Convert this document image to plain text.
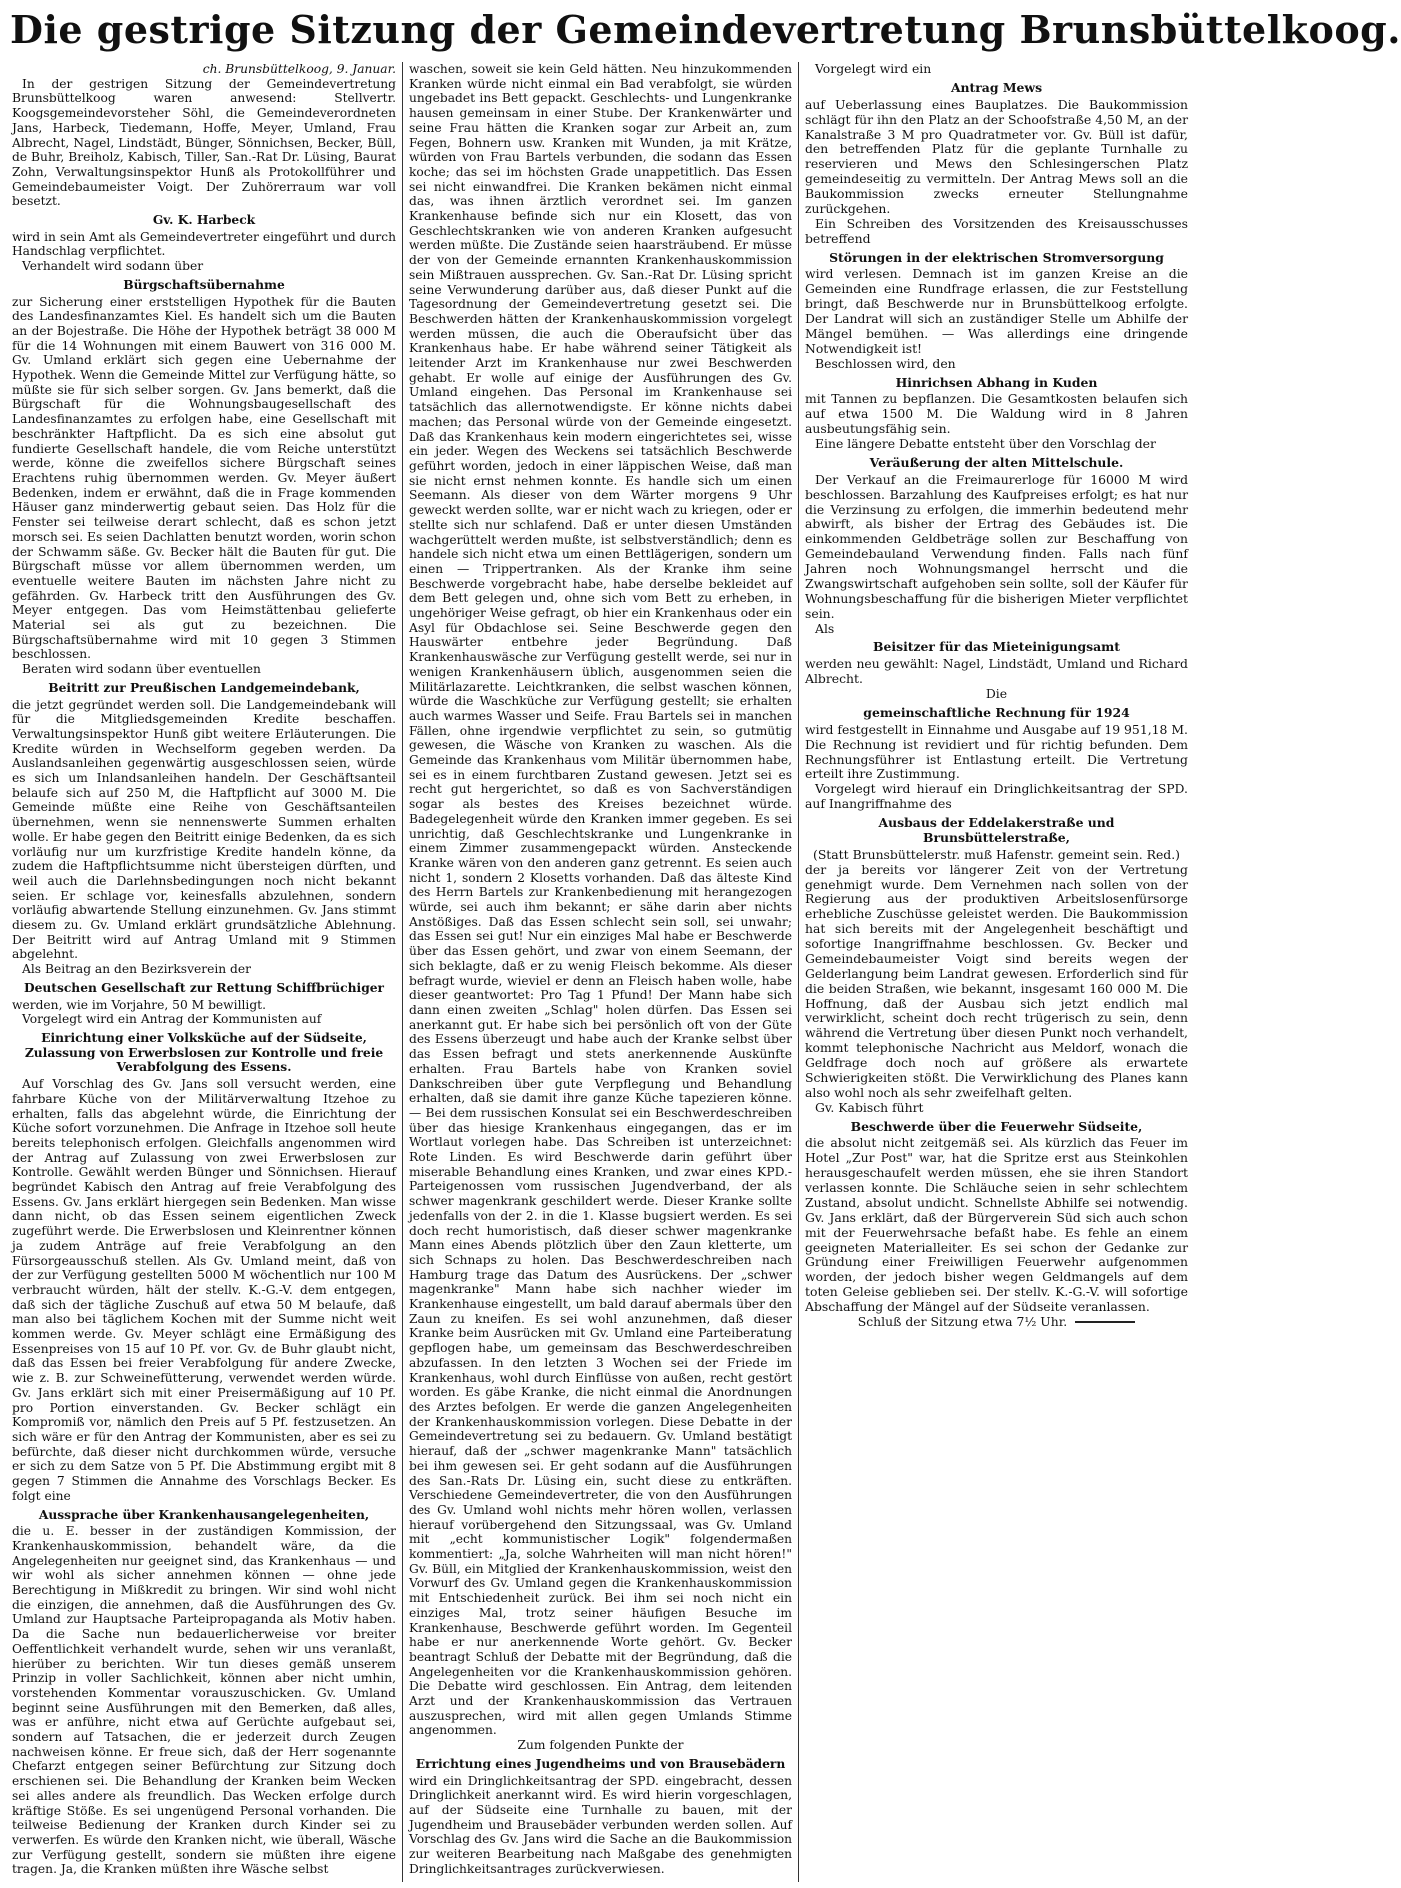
Die gestrige Sitzung der Gemeindevertretung Brunsbüttelkoog.

ch. Brunsbüttelkoog, 9. Januar.

In der gestrigen Sitzung der Gemeindevertretung Brunsbüttelkoog waren anwesend: Stellvertr. Koogsgemeindevorsteher Söhl, die Gemeindeverordneten Jans, Harbeck, Tiedemann, Hoffe, Meyer, Umland, Frau Albrecht, Nagel, Lindstädt, Bünger, Sönnichsen, Becker, Büll, de Buhr, Breiholz, Kabisch, Tiller, San.-Rat Dr. Lüsing, Baurat Zohn, Verwaltungsinspektor Hunß als Protokollführer und Gemeindebaumeister Voigt. Der Zuhörerraum war voll besetzt.

Gv. K. Harbeck

wird in sein Amt als Gemeindevertreter eingeführt und durch Handschlag verpflichtet.

Verhandelt wird sodann über

Bürgschaftsübernahme

zur Sicherung einer erststelligen Hypothek für die Bauten des Landesfinanzamtes Kiel. Es handelt sich um die Bauten an der Bojestraße. Die Höhe der Hypothek beträgt 38 000 M für die 14 Wohnungen mit einem Bauwert von 316 000 M. Gv. Umland erklärt sich gegen eine Uebernahme der Hypothek. Wenn die Gemeinde Mittel zur Verfügung hätte, so müßte sie für sich selber sorgen. Gv. Jans bemerkt, daß die Bürgschaft für die Wohnungsbaugesellschaft des Landesfinanzamtes zu erfolgen habe, eine Gesellschaft mit beschränkter Haftpflicht. Da es sich eine absolut gut fundierte Gesellschaft handele, die vom Reiche unterstützt werde, könne die zweifellos sichere Bürgschaft seines Erachtens ruhig übernommen werden. Gv. Meyer äußert Bedenken, indem er erwähnt, daß die in Frage kommenden Häuser ganz minderwertig gebaut seien. Das Holz für die Fenster sei teilweise derart schlecht, daß es schon jetzt morsch sei. Es seien Dachlatten benutzt worden, worin schon der Schwamm säße. Gv. Becker hält die Bauten für gut. Die Bürgschaft müsse vor allem übernommen werden, um eventuelle weitere Bauten im nächsten Jahre nicht zu gefährden. Gv. Harbeck tritt den Ausführungen des Gv. Meyer entgegen. Das vom Heimstättenbau gelieferte Material sei als gut zu bezeichnen. Die Bürgschaftsübernahme wird mit 10 gegen 3 Stimmen beschlossen.

Beraten wird sodann über eventuellen

Beitritt zur Preußischen Landgemeindebank,

die jetzt gegründet werden soll. Die Landgemeindebank will für die Mitgliedsgemeinden Kredite beschaffen. Verwaltungsinspektor Hunß gibt weitere Erläuterungen. Die Kredite würden in Wechselform gegeben werden. Da Auslandsanleihen gegenwärtig ausgeschlossen seien, würde es sich um Inlandsanleihen handeln. Der Geschäftsanteil belaufe sich auf 250 M, die Haftpflicht auf 3000 M. Die Gemeinde müßte eine Reihe von Geschäftsanteilen übernehmen, wenn sie nennenswerte Summen erhalten wolle. Er habe gegen den Beitritt einige Bedenken, da es sich vorläufig nur um kurzfristige Kredite handeln könne, da zudem die Haftpflichtsumme nicht übersteigen dürften, und weil auch die Darlehnsbedingungen noch nicht bekannt seien. Er schlage vor, keinesfalls abzulehnen, sondern vorläufig abwartende Stellung einzunehmen. Gv. Jans stimmt diesem zu. Gv. Umland erklärt grundsätzliche Ablehnung. Der Beitritt wird auf Antrag Umland mit 9 Stimmen abgelehnt.

Als Beitrag an den Bezirksverein der

Deutschen Gesellschaft zur Rettung Schiffbrüchiger

werden, wie im Vorjahre, 50 M bewilligt.

Vorgelegt wird ein Antrag der Kommunisten auf

Einrichtung einer Volksküche auf der Südseite, Zulassung von Erwerbslosen zur Kontrolle und freie Verabfolgung des Essens.

Auf Vorschlag des Gv. Jans soll versucht werden, eine fahrbare Küche von der Militärverwaltung Itzehoe zu erhalten, falls das abgelehnt würde, die Einrichtung der Küche sofort vorzunehmen. Die Anfrage in Itzehoe soll heute bereits telephonisch erfolgen. Gleichfalls angenommen wird der Antrag auf Zulassung von zwei Erwerbslosen zur Kontrolle. Gewählt werden Bünger und Sönnichsen. Hierauf begründet Kabisch den Antrag auf freie Verabfolgung des Essens. Gv. Jans erklärt hiergegen sein Bedenken. Man wisse dann nicht, ob das Essen seinem eigentlichen Zweck zugeführt werde. Die Erwerbslosen und Kleinrentner können ja zudem Anträge auf freie Verabfolgung an den Fürsorgeausschuß stellen. Als Gv. Umland meint, daß von der zur Verfügung gestellten 5000 M wöchentlich nur 100 M verbraucht würden, hält der stellv. K.-G.-V. dem entgegen, daß sich der tägliche Zuschuß auf etwa 50 M belaufe, daß man also bei täglichem Kochen mit der Summe nicht weit kommen werde. Gv. Meyer schlägt eine Ermäßigung des Essenpreises von 15 auf 10 Pf. vor. Gv. de Buhr glaubt nicht, daß das Essen bei freier Verabfolgung für andere Zwecke, wie z. B. zur Schweinefütterung, verwendet werden würde. Gv. Jans erklärt sich mit einer Preisermäßigung auf 10 Pf. pro Portion einverstanden. Gv. Becker schlägt ein Kompromiß vor, nämlich den Preis auf 5 Pf. festzusetzen. An sich wäre er für den Antrag der Kommunisten, aber es sei zu befürchte, daß dieser nicht durchkommen würde, versuche er sich zu dem Satze von 5 Pf. Die Abstimmung ergibt mit 8 gegen 7 Stimmen die Annahme des Vorschlags Becker. Es folgt eine

Aussprache über Krankenhausangelegenheiten,

die u. E. besser in der zuständigen Kommission, der Krankenhauskommission, behandelt wäre, da die Angelegenheiten nur geeignet sind, das Krankenhaus — und wir wohl als sicher annehmen können — ohne jede Berechtigung in Mißkredit zu bringen. Wir sind wohl nicht die einzigen, die annehmen, daß die Ausführungen des Gv. Umland zur Hauptsache Parteipropaganda als Motiv haben. Da die Sache nun bedauerlicherweise vor breiter Oeffentlichkeit verhandelt wurde, sehen wir uns veranlaßt, hierüber zu berichten. Wir tun dieses gemäß unserem Prinzip in voller Sachlichkeit, können aber nicht umhin, vorstehenden Kommentar vorauszuschicken. Gv. Umland beginnt seine Ausführungen mit den Bemerken, daß alles, was er anführe, nicht etwa auf Gerüchte aufgebaut sei, sondern auf Tatsachen, die er jederzeit durch Zeugen nachweisen könne. Er freue sich, daß der Herr sogenannte Chefarzt entgegen seiner Befürchtung zur Sitzung doch erschienen sei. Die Behandlung der Kranken beim Wecken sei alles andere als freundlich. Das Wecken erfolge durch kräftige Stöße. Es sei ungenügend Personal vorhanden. Die teilweise Bedienung der Kranken durch Kinder sei zu verwerfen. Es würde den Kranken nicht, wie überall, Wäsche zur Verfügung gestellt, sondern sie müßten ihre eigene tragen. Ja, die Kranken müßten ihre Wäsche selbst

waschen, soweit sie kein Geld hätten. Neu hinzukommenden Kranken würde nicht einmal ein Bad verabfolgt, sie würden ungebadet ins Bett gepackt. Geschlechts- und Lungenkranke hausen gemeinsam in einer Stube. Der Krankenwärter und seine Frau hätten die Kranken sogar zur Arbeit an, zum Fegen, Bohnern usw. Kranken mit Wunden, ja mit Krätze, würden von Frau Bartels verbunden, die sodann das Essen koche; das sei im höchsten Grade unappetitlich. Das Essen sei nicht einwandfrei. Die Kranken bekämen nicht einmal das, was ihnen ärztlich verordnet sei. Im ganzen Krankenhause befinde sich nur ein Klosett, das von Geschlechtskranken wie von anderen Kranken aufgesucht werden müßte. Die Zustände seien haarsträubend. Er müsse der von der Gemeinde ernannten Krankenhauskommission sein Mißtrauen aussprechen. Gv. San.-Rat Dr. Lüsing spricht seine Verwunderung darüber aus, daß dieser Punkt auf die Tagesordnung der Gemeindevertretung gesetzt sei. Die Beschwerden hätten der Krankenhauskommission vorgelegt werden müssen, die auch die Oberaufsicht über das Krankenhaus habe. Er habe während seiner Tätigkeit als leitender Arzt im Krankenhause nur zwei Beschwerden gehabt. Er wolle auf einige der Ausführungen des Gv. Umland eingehen. Das Personal im Krankenhause sei tatsächlich das allernotwendigste. Er könne nichts dabei machen; das Personal würde von der Gemeinde eingesetzt. Daß das Krankenhaus kein modern eingerichtetes sei, wisse ein jeder. Wegen des Weckens sei tatsächlich Beschwerde geführt worden, jedoch in einer läppischen Weise, daß man sie nicht ernst nehmen konnte. Es handle sich um einen Seemann. Als dieser von dem Wärter morgens 9 Uhr geweckt werden sollte, war er nicht wach zu kriegen, oder er stellte sich nur schlafend. Daß er unter diesen Umständen wachgerüttelt werden mußte, ist selbstverständlich; denn es handele sich nicht etwa um einen Bettlägerigen, sondern um einen — Trippertranken. Als der Kranke ihm seine Beschwerde vorgebracht habe, habe derselbe bekleidet auf dem Bett gelegen und, ohne sich vom Bett zu erheben, in ungehöriger Weise gefragt, ob hier ein Krankenhaus oder ein Asyl für Obdachlose sei. Seine Beschwerde gegen den Hauswärter entbehre jeder Begründung. Daß Krankenhauswäsche zur Verfügung gestellt werde, sei nur in wenigen Krankenhäusern üblich, ausgenommen seien die Militärlazarette. Leichtkranken, die selbst waschen können, würde die Waschküche zur Verfügung gestellt; sie erhalten auch warmes Wasser und Seife. Frau Bartels sei in manchen Fällen, ohne irgendwie verpflichtet zu sein, so gutmütig gewesen, die Wäsche von Kranken zu waschen. Als die Gemeinde das Krankenhaus vom Militär übernommen habe, sei es in einem furchtbaren Zustand gewesen. Jetzt sei es recht gut hergerichtet, so daß es von Sachverständigen sogar als bestes des Kreises bezeichnet würde. Badegelegenheit würde den Kranken immer gegeben. Es sei unrichtig, daß Geschlechtskranke und Lungenkranke in einem Zimmer zusammengepackt würden. Ansteckende Kranke wären von den anderen ganz getrennt. Es seien auch nicht 1, sondern 2 Klosetts vorhanden. Daß das älteste Kind des Herrn Bartels zur Krankenbedienung mit herangezogen würde, sei auch ihm bekannt; er sähe darin aber nichts Anstößiges. Daß das Essen schlecht sein soll, sei unwahr; das Essen sei gut! Nur ein einziges Mal habe er Beschwerde über das Essen gehört, und zwar von einem Seemann, der sich beklagte, daß er zu wenig Fleisch bekomme. Als dieser befragt wurde, wieviel er denn an Fleisch haben wolle, habe dieser geantwortet: Pro Tag 1 Pfund! Der Mann habe sich dann einen zweiten „Schlag" holen dürfen. Das Essen sei anerkannt gut. Er habe sich bei persönlich oft von der Güte des Essens überzeugt und habe auch der Kranke selbst über das Essen befragt und stets anerkennende Auskünfte erhalten. Frau Bartels habe von Kranken soviel Dankschreiben über gute Verpflegung und Behandlung erhalten, daß sie damit ihre ganze Küche tapezieren könne. — Bei dem russischen Konsulat sei ein Beschwerdeschreiben über das hiesige Krankenhaus eingegangen, das er im Wortlaut vorlegen habe. Das Schreiben ist unterzeichnet: Rote Linden. Es wird Beschwerde darin geführt über miserable Behandlung eines Kranken, und zwar eines KPD.-Parteigenossen vom russischen Jugendverband, der als schwer magenkrank geschildert werde. Dieser Kranke sollte jedenfalls von der 2. in die 1. Klasse bugsiert werden. Es sei doch recht humoristisch, daß dieser schwer magenkranke Mann eines Abends plötzlich über den Zaun kletterte, um sich Schnaps zu holen. Das Beschwerdeschreiben nach Hamburg trage das Datum des Ausrückens. Der „schwer magenkranke" Mann habe sich nachher wieder im Krankenhause eingestellt, um bald darauf abermals über den Zaun zu kneifen. Es sei wohl anzunehmen, daß dieser Kranke beim Ausrücken mit Gv. Umland eine Parteiberatung gepflogen habe, um gemeinsam das Beschwerdeschreiben abzufassen. In den letzten 3 Wochen sei der Friede im Krankenhaus, wohl durch Einflüsse von außen, recht gestört worden. Es gäbe Kranke, die nicht einmal die Anordnungen des Arztes befolgen. Er werde die ganzen Angelegenheiten der Krankenhauskommission vorlegen. Diese Debatte in der Gemeindevertretung sei zu bedauern. Gv. Umland bestätigt hierauf, daß der „schwer magenkranke Mann" tatsächlich bei ihm gewesen sei. Er geht sodann auf die Ausführungen des San.-Rats Dr. Lüsing ein, sucht diese zu entkräften. Verschiedene Gemeindevertreter, die von den Ausführungen des Gv. Umland wohl nichts mehr hören wollen, verlassen hierauf vorübergehend den Sitzungssaal, was Gv. Umland mit „echt kommunistischer Logik" folgendermaßen kommentiert: „Ja, solche Wahrheiten will man nicht hören!" Gv. Büll, ein Mitglied der Krankenhauskommission, weist den Vorwurf des Gv. Umland gegen die Krankenhauskommission mit Entschiedenheit zurück. Bei ihm sei noch nicht ein einziges Mal, trotz seiner häufigen Besuche im Krankenhause, Beschwerde geführt worden. Im Gegenteil habe er nur anerkennende Worte gehört. Gv. Becker beantragt Schluß der Debatte mit der Begründung, daß die Angelegenheiten vor die Krankenhauskommission gehören. Die Debatte wird geschlossen. Ein Antrag, dem leitenden Arzt und der Krankenhauskommission das Vertrauen auszusprechen, wird mit allen gegen Umlands Stimme angenommen.

Zum folgenden Punkte der

Errichtung eines Jugendheims und von Brausebädern

wird ein Dringlichkeitsantrag der SPD. eingebracht, dessen Dringlichkeit anerkannt wird. Es wird hierin vorgeschlagen, auf der Südseite eine Turnhalle zu bauen, mit der Jugendheim und Brausebäder verbunden werden sollen. Auf Vorschlag des Gv. Jans wird die Sache an die Baukommission zur weiteren Bearbeitung nach Maßgabe des genehmigten Dringlichkeitsantrages zurückverwiesen.

Vorgelegt wird ein

Antrag Mews

auf Ueberlassung eines Bauplatzes. Die Baukommission schlägt für ihn den Platz an der Schoofstraße 4,50 M, an der Kanalstraße 3 M pro Quadratmeter vor. Gv. Büll ist dafür, den betreffenden Platz für die geplante Turnhalle zu reservieren und Mews den Schlesingerschen Platz gemeindeseitig zu vermitteln. Der Antrag Mews soll an die Baukommission zwecks erneuter Stellungnahme zurückgehen.

Ein Schreiben des Vorsitzenden des Kreisausschusses betreffend

Störungen in der elektrischen Stromversorgung

wird verlesen. Demnach ist im ganzen Kreise an die Gemeinden eine Rundfrage erlassen, die zur Feststellung bringt, daß Beschwerde nur in Brunsbüttelkoog erfolgte. Der Landrat will sich an zuständiger Stelle um Abhilfe der Mängel bemühen. — Was allerdings eine dringende Notwendigkeit ist!

Beschlossen wird, den

Hinrichsen Abhang in Kuden

mit Tannen zu bepflanzen. Die Gesamtkosten belaufen sich auf etwa 1500 M. Die Waldung wird in 8 Jahren ausbeutungsfähig sein.

Eine längere Debatte entsteht über den Vorschlag der

Veräußerung der alten Mittelschule.

Der Verkauf an die Freimaurerloge für 16000 M wird beschlossen. Barzahlung des Kaufpreises erfolgt; es hat nur die Verzinsung zu erfolgen, die immerhin bedeutend mehr abwirft, als bisher der Ertrag des Gebäudes ist. Die einkommenden Geldbeträge sollen zur Beschaffung von Gemeindebauland Verwendung finden. Falls nach fünf Jahren noch Wohnungsmangel herrscht und die Zwangswirtschaft aufgehoben sein sollte, soll der Käufer für Wohnungsbeschaffung für die bisherigen Mieter verpflichtet sein.

Als

Beisitzer für das Mieteinigungsamt

werden neu gewählt: Nagel, Lindstädt, Umland und Richard Albrecht.

Die

gemeinschaftliche Rechnung für 1924

wird festgestellt in Einnahme und Ausgabe auf 19 951,18 M. Die Rechnung ist revidiert und für richtig befunden. Dem Rechnungsführer ist Entlastung erteilt. Die Vertretung erteilt ihre Zustimmung.

Vorgelegt wird hierauf ein Dringlichkeitsantrag der SPD. auf Inangriffnahme des

Ausbaus der Eddelakerstraße und Brunsbüttelerstraße,

(Statt Brunsbüttelerstr. muß Hafenstr. gemeint sein. Red.)

der ja bereits vor längerer Zeit von der Vertretung genehmigt wurde. Dem Vernehmen nach sollen von der Regierung aus der produktiven Arbeitslosenfürsorge erhebliche Zuschüsse geleistet werden. Die Baukommission hat sich bereits mit der Angelegenheit beschäftigt und sofortige Inangriffnahme beschlossen. Gv. Becker und Gemeindebaumeister Voigt sind bereits wegen der Gelderlangung beim Landrat gewesen. Erforderlich sind für die beiden Straßen, wie bekannt, insgesamt 160 000 M. Die Hoffnung, daß der Ausbau sich jetzt endlich mal verwirklicht, scheint doch recht trügerisch zu sein, denn während die Vertretung über diesen Punkt noch verhandelt, kommt telephonische Nachricht aus Meldorf, wonach die Geldfrage doch noch auf größere als erwartete Schwierigkeiten stößt. Die Verwirklichung des Planes kann also wohl noch als sehr zweifelhaft gelten.

Gv. Kabisch führt

Beschwerde über die Feuerwehr Südseite,

die absolut nicht zeitgemäß sei. Als kürzlich das Feuer im Hotel „Zur Post" war, hat die Spritze erst aus Steinkohlen herausgeschaufelt werden müssen, ehe sie ihren Standort verlassen konnte. Die Schläuche seien in sehr schlechtem Zustand, absolut undicht. Schnellste Abhilfe sei notwendig. Gv. Jans erklärt, daß der Bürgerverein Süd sich auch schon mit der Feuerwehrsache befaßt habe. Es fehle an einem geeigneten Materialleiter. Es sei schon der Gedanke zur Gründung einer Freiwilligen Feuerwehr aufgenommen worden, der jedoch bisher wegen Geldmangels auf dem toten Geleise geblieben sei. Der stellv. K.-G.-V. will sofortige Abschaffung der Mängel auf der Südseite veranlassen.

Schluß der Sitzung etwa 7½ Uhr.
